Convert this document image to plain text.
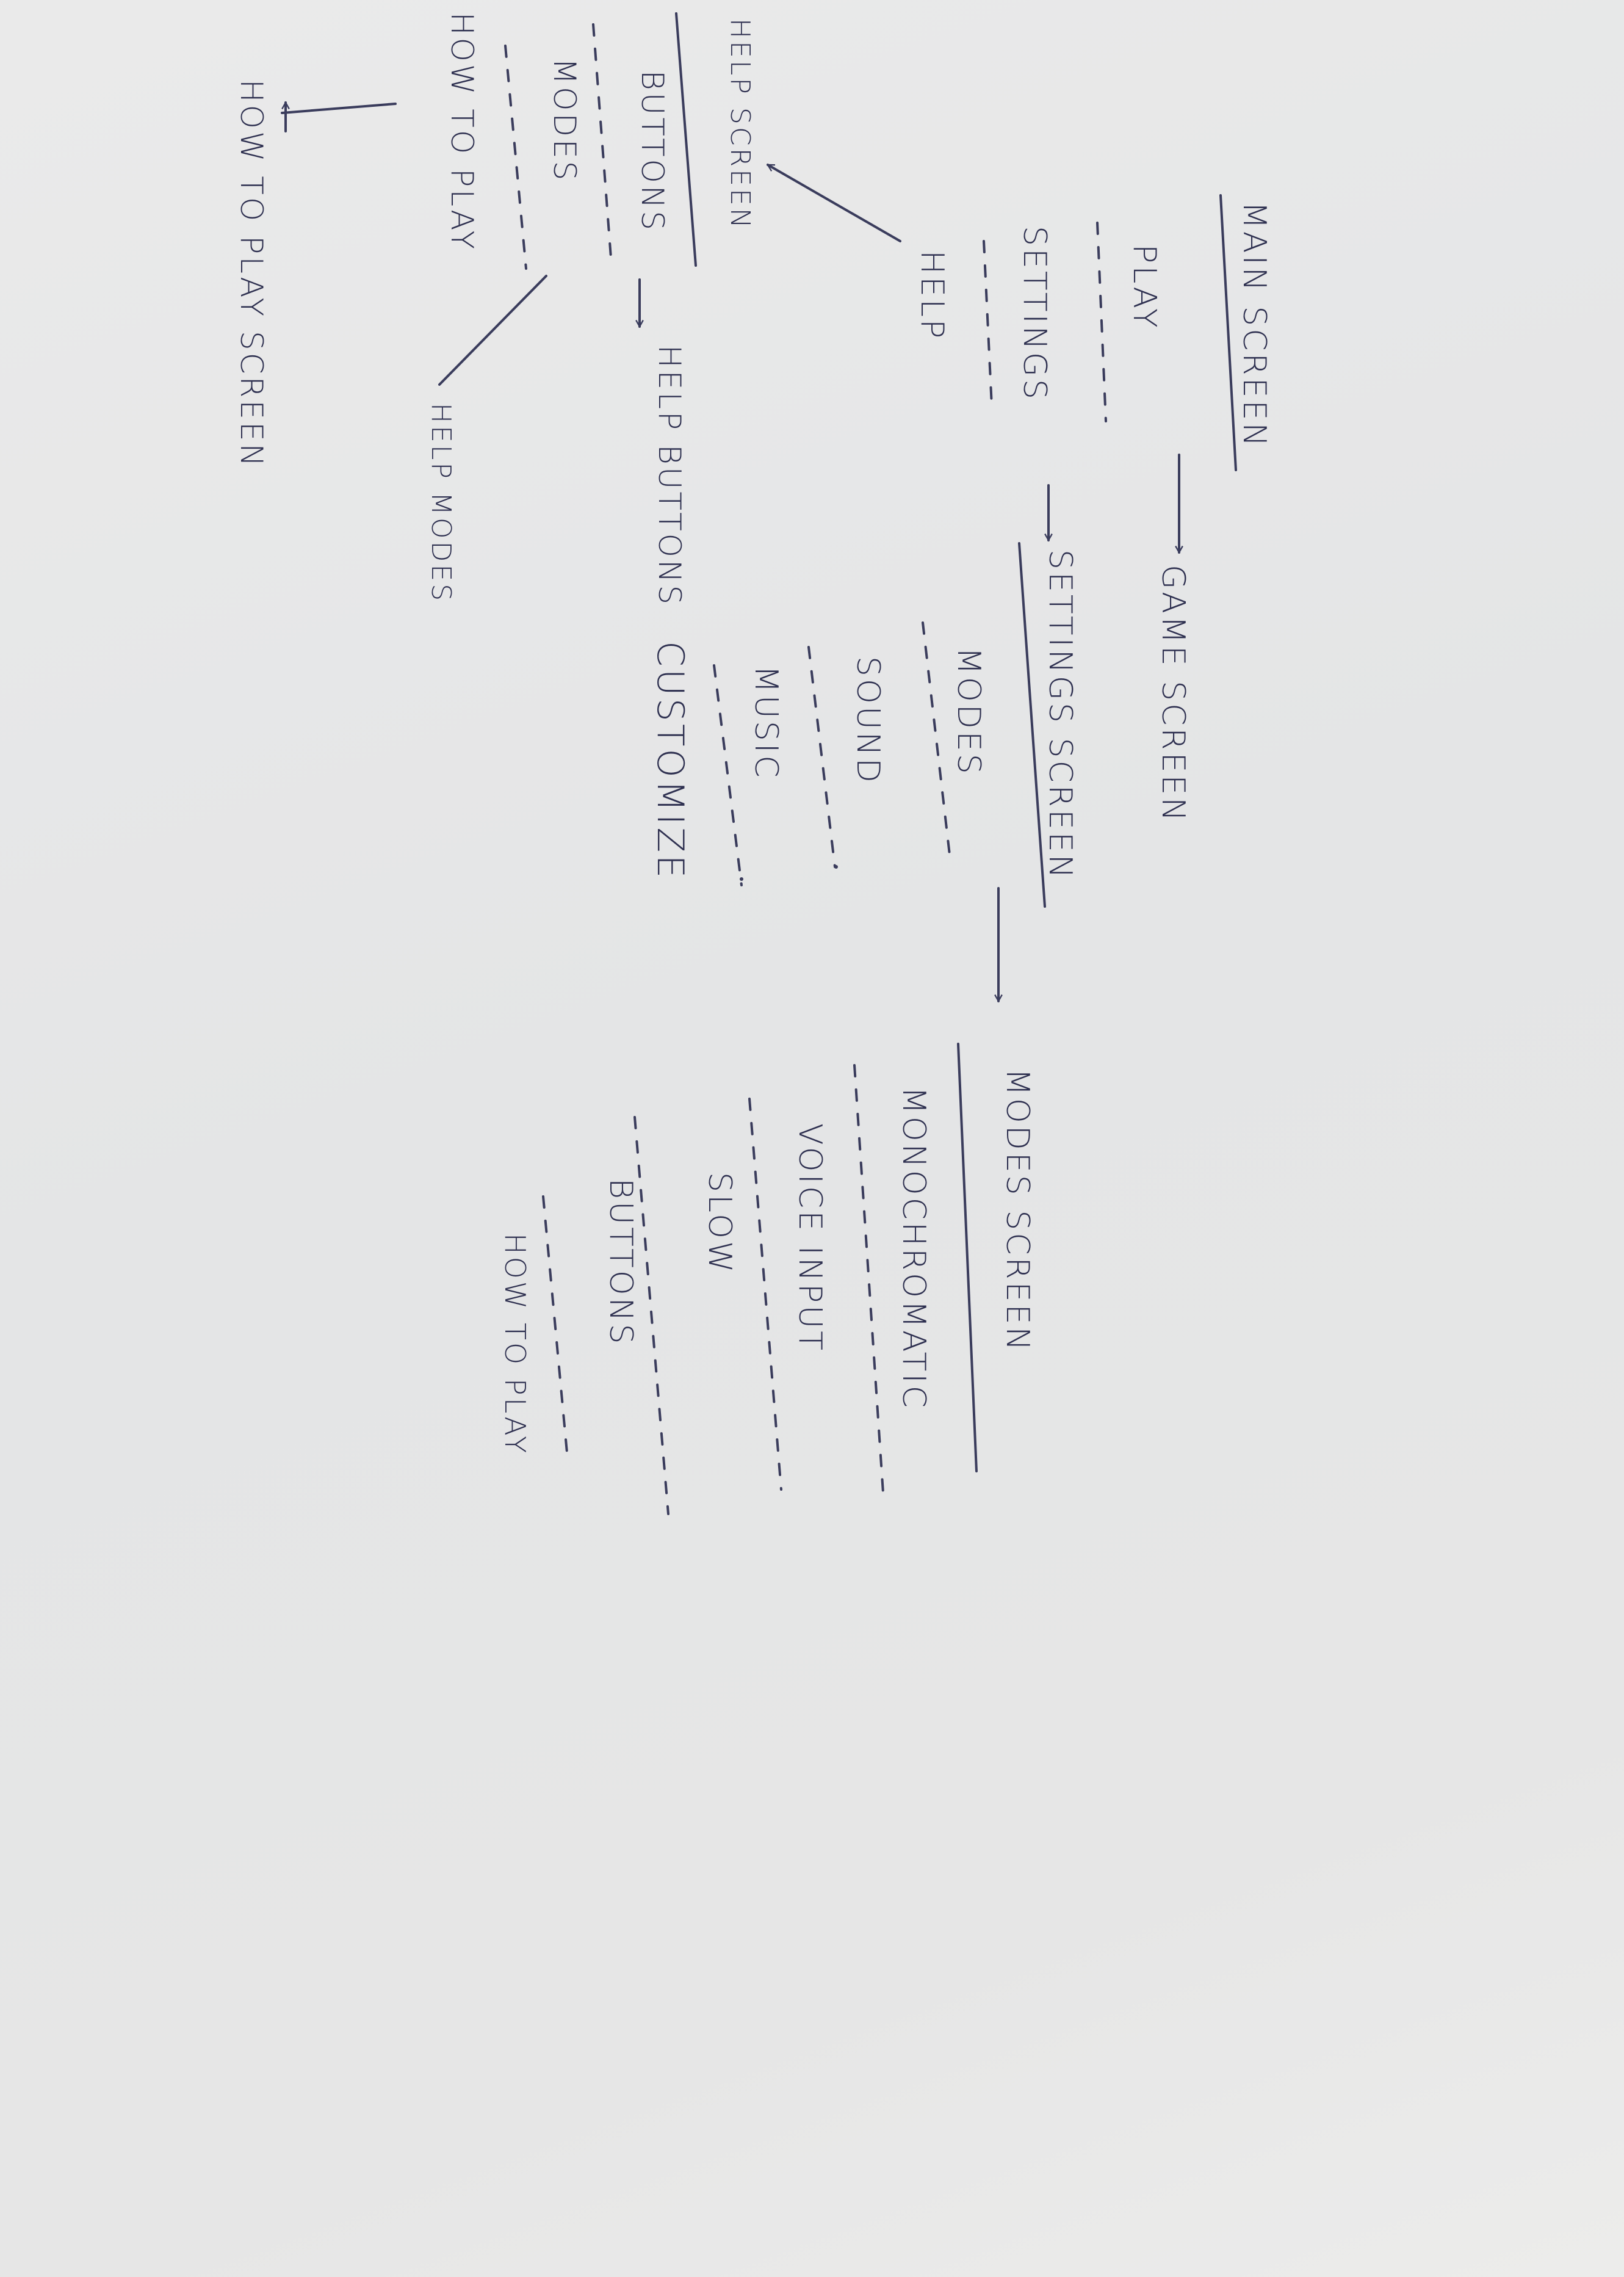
MAIN SCREEN
PLAY
SETTINGS
HELP
GAME SCREEN
SETTINGS SCREEN
MODES
SOUND
MUSIC
CUSTOMIZE
MODES SCREEN
MONOCHROMATIC
VOICE INPUT
SLOW
BUTTONS
HOW TO PLAY
HELP SCREEN
BUTTONS
MODES
HOW TO PLAY
HELP BUTTONS
HELP MODES
HOW TO PLAY SCREEN
